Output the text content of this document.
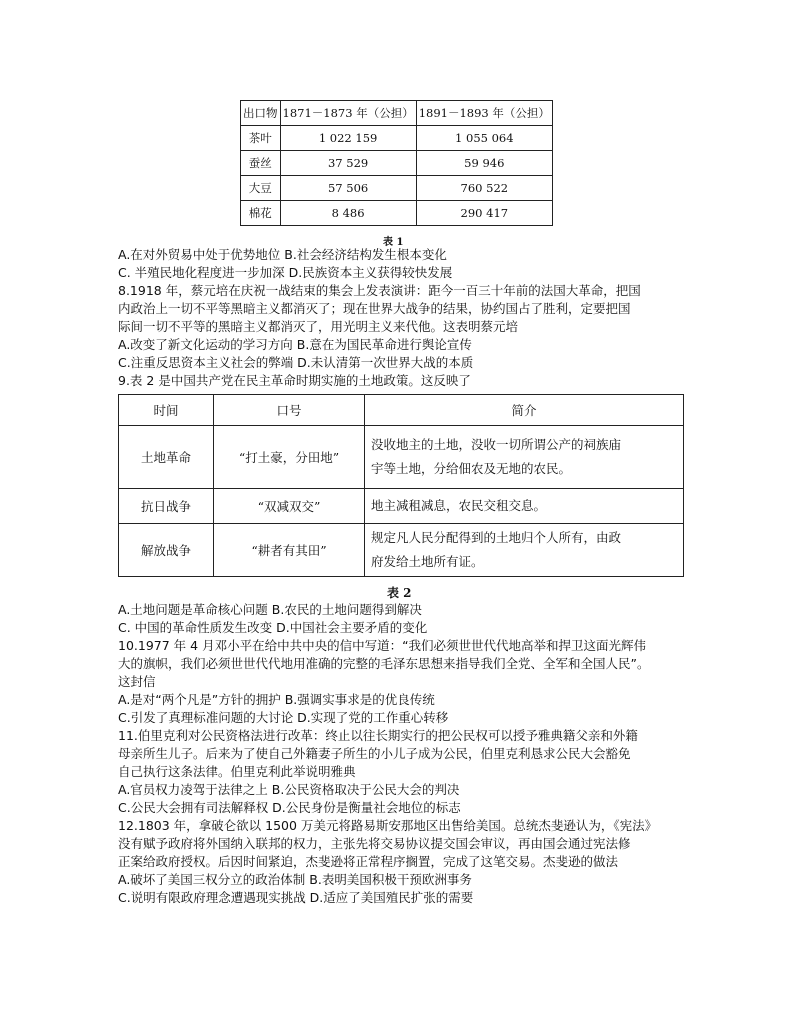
出口物	1871－1873 年（公担）	1891－1893 年（公担）
茶叶	1 022 159	1 055 064
蚕丝	37 529	59 946
大豆	57 506	760 522
棉花	8 486	290 417
表 1
A.在对外贸易中处于优势地位 B.社会经济结构发生根本变化
C. 半殖民地化程度进一步加深 D.民族资本主义获得较快发展
8.1918 年，蔡元培在庆祝一战结束的集会上发表演讲：距今一百三十年前的法国大革命，把国
内政治上一切不平等黑暗主义都消灭了；现在世界大战争的结果，协约国占了胜利，定要把国
际间一切不平等的黑暗主义都消灭了，用光明主义来代他。这表明蔡元培
A.改变了新文化运动的学习方向 B.意在为国民革命进行舆论宣传
C.注重反思资本主义社会的弊端 D.未认清第一次世界大战的本质
9.表 2 是中国共产党在民主革命时期实施的土地政策。这反映了
时间	口号	简介
土地革命	“打土豪，分田地”	没收地主的土地，没收一切所谓公产的祠族庙
宇等土地，分给佃农及无地的农民。

抗日战争	“双减双交”	地主减租减息，农民交租交息。

解放战争	“耕者有其田”	规定凡人民分配得到的土地归个人所有，由政
府发给土地所有证。
表 2
A.土地问题是革命核心问题 B.农民的土地问题得到解决
C. 中国的革命性质发生改变 D.中国社会主要矛盾的变化
10.1977 年 4 月邓小平在给中共中央的信中写道：“我们必须世世代代地高举和捍卫这面光辉伟
大的旗帜，我们必须世世代代地用准确的完整的毛泽东思想来指导我们全党、全军和全国人民”。
这封信
A.是对“两个凡是”方针的拥护 B.强调实事求是的优良传统
C.引发了真理标准问题的大讨论 D.实现了党的工作重心转移
11.伯里克利对公民资格法进行改革：终止以往长期实行的把公民权可以授予雅典籍父亲和外籍
母亲所生儿子。后来为了使自己外籍妻子所生的小儿子成为公民，伯里克利恳求公民大会豁免
自己执行这条法律。伯里克利此举说明雅典
A.官员权力凌驾于法律之上 B.公民资格取决于公民大会的判决
C.公民大会拥有司法解释权 D.公民身份是衡量社会地位的标志
12.1803 年，拿破仑欲以 1500 万美元将路易斯安那地区出售给美国。总统杰斐逊认为，《宪法》
没有赋予政府将外国纳入联邦的权力，主张先将交易协议提交国会审议，再由国会通过宪法修
正案给政府授权。后因时间紧迫，杰斐逊将正常程序搁置，完成了这笔交易。杰斐逊的做法
A.破坏了美国三权分立的政治体制 B.表明美国积极干预欧洲事务
C.说明有限政府理念遭遇现实挑战 D.适应了美国殖民扩张的需要
